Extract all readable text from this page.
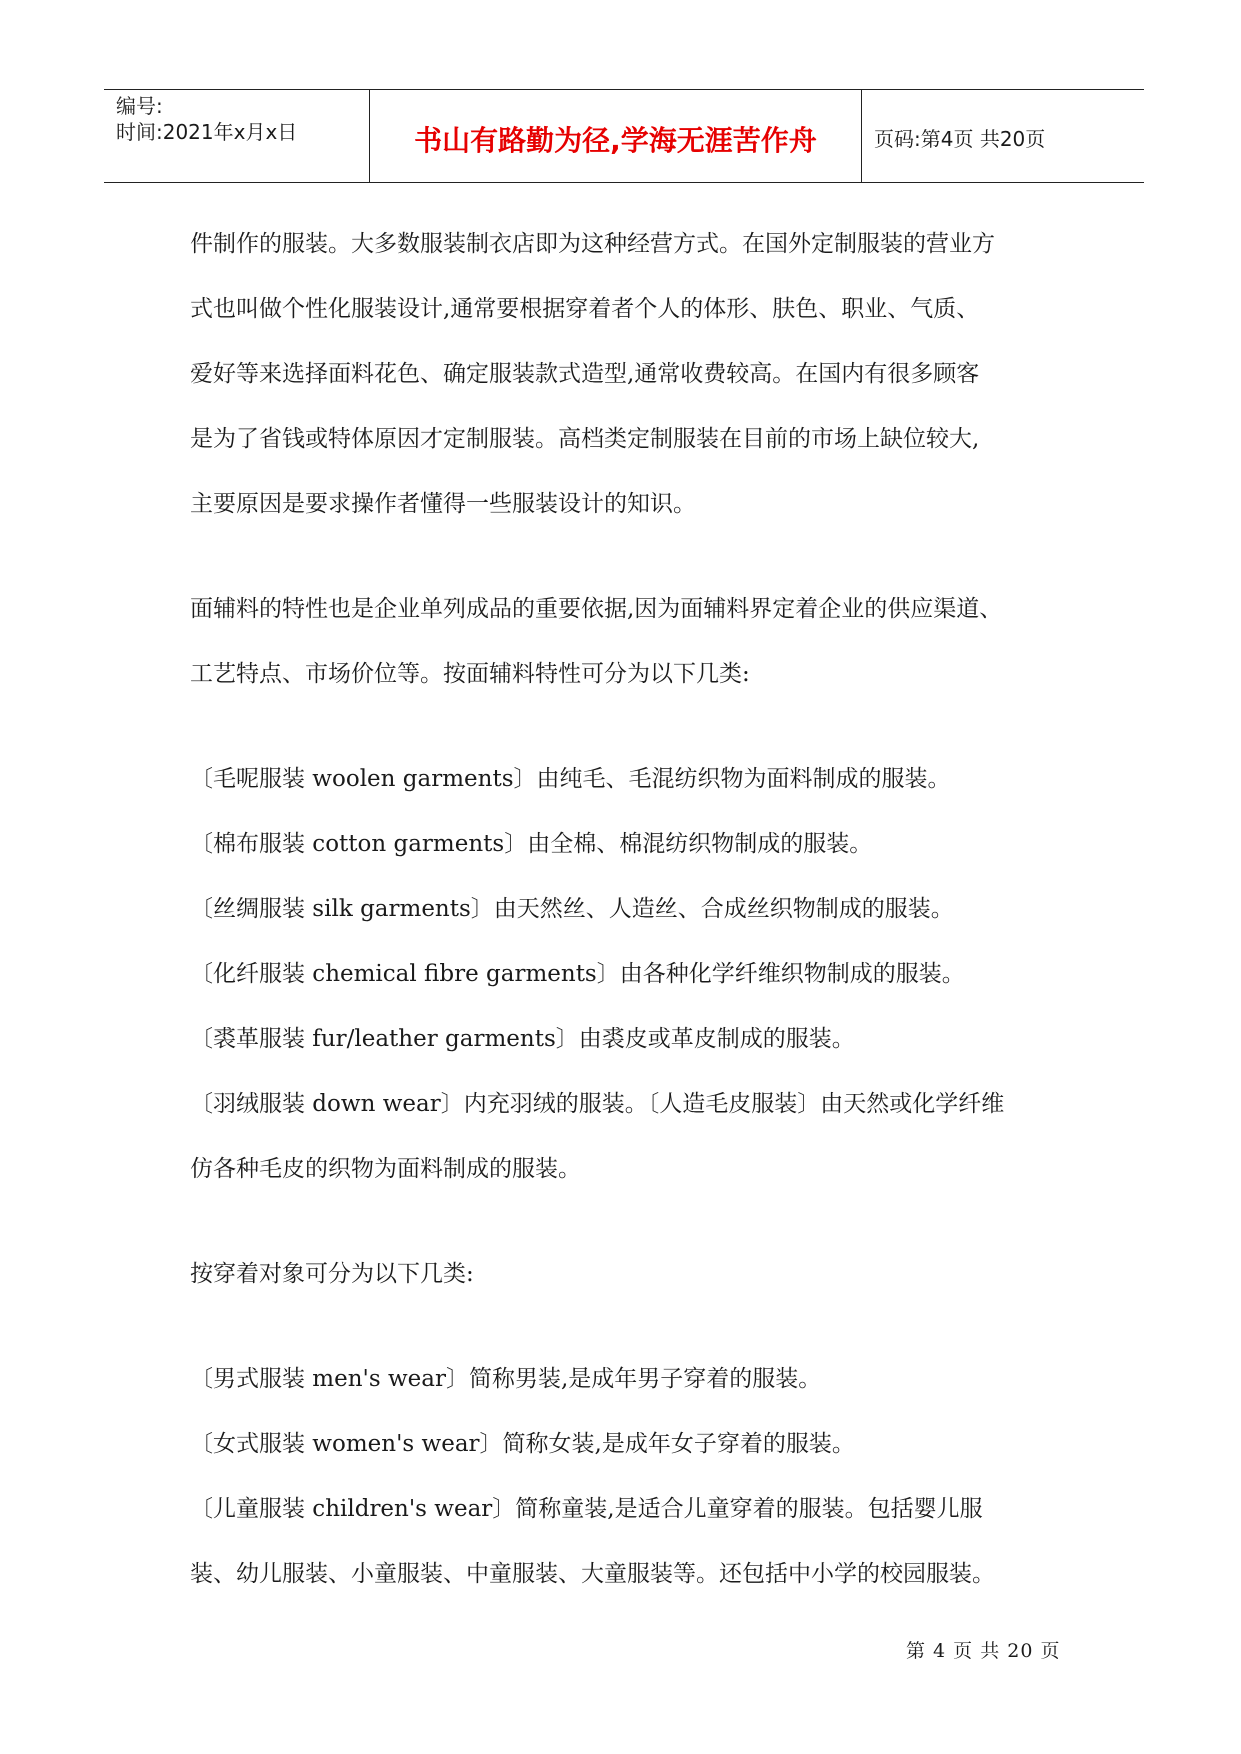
编号:
时间:2021年x月x日	书山有路勤为径,学海无涯苦作舟	页码:第4页 共20页

件制作的服装。大多数服装制衣店即为这种经营方式。在国外定制服装的营业方

式也叫做个性化服装设计,通常要根据穿着者个人的体形、肤色、职业、气质、

爱好等来选择面料花色、确定服装款式造型,通常收费较高。在国内有很多顾客

是为了省钱或特体原因才定制服装。高档类定制服装在目前的市场上缺位较大,

主要原因是要求操作者懂得一些服装设计的知识。

面辅料的特性也是企业单列成品的重要依据,因为面辅料界定着企业的供应渠道、

工艺特点、市场价位等。按面辅料特性可分为以下几类:

〔毛呢服装 woolen garments〕由纯毛、毛混纺织物为面料制成的服装。

〔棉布服装 cotton garments〕由全棉、棉混纺织物制成的服装。

〔丝绸服装 silk garments〕由天然丝、人造丝、合成丝织物制成的服装。

〔化纤服装 chemical fibre garments〕由各种化学纤维织物制成的服装。

〔裘革服装 fur/leather garments〕由裘皮或革皮制成的服装。

〔羽绒服装 down wear〕内充羽绒的服装。〔人造毛皮服装〕由天然或化学纤维

仿各种毛皮的织物为面料制成的服装。

按穿着对象可分为以下几类:

〔男式服装 men's wear〕简称男装,是成年男子穿着的服装。

〔女式服装 women's wear〕简称女装,是成年女子穿着的服装。

〔儿童服装 children's wear〕简称童装,是适合儿童穿着的服装。包括婴儿服

装、幼儿服装、小童服装、中童服装、大童服装等。还包括中小学的校园服装。

第 4 页 共 20 页
